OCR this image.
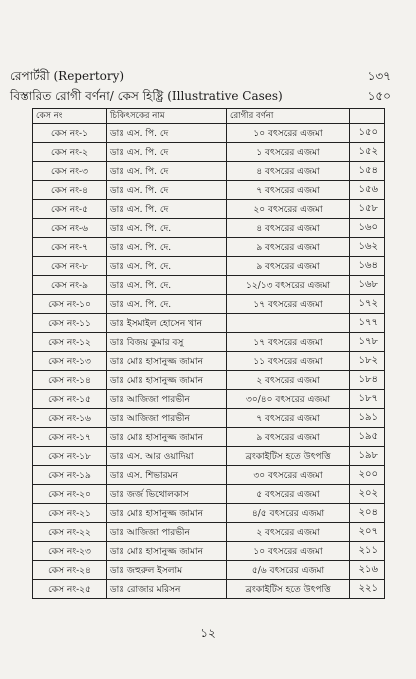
রেপার্টরী (Repertory)	১৩৭
বিস্তারিত রোগী বর্ণনা/ কেস হিষ্ট্রি (Illustrative Cases)	১৫০
কেস নং	চিকিৎসকের নাম	রোগীর বর্ণনা	
কেস নং-১	ডাঃ এস. পি. দে	১০ বৎসরের এজমা	১৫০
কেস নং-২	ডাঃ এস. পি. দে	১ বৎসরের এজমা	১৫২
কেস নং-৩	ডাঃ এস. পি. দে	৪ বৎসরের এজমা	১৫৪
কেস নং-৪	ডাঃ এস. পি. দে	৭ বৎসরের এজমা	১৫৬
কেস নং-৫	ডাঃ এস. পি. দে	২০ বৎসরের এজমা	১৫৮
কেস নং-৬	ডাঃ এস. পি. দে.	৪ বৎসরের এজমা	১৬০
কেস নং-৭	ডাঃ এস. পি. দে.	৯ বৎসরের এজমা	১৬২
কেস নং-৮	ডাঃ এস. পি. দে.	৯ বৎসরের এজমা	১৬৪
কেস নং-৯	ডাঃ এস. পি. দে.	১২/১৩ বৎসরের এজমা	১৬৮
কেস নং-১০	ডাঃ এস. পি. দে.	১৭ বৎসরের এজমা	১৭২
কেস নং-১১	ডাঃ ইসমাইল হোসেন খান		১৭৭
কেস নং-১২	ডাঃ বিজয় কুমার বসু	১৭ বৎসরের এজমা	১৭৮
কেস নং-১৩	ডাঃ মোঃ হাসানুজ্জ জামান	১১ বৎসরের এজমা	১৮২
কেস নং-১৪	ডাঃ মোঃ হাসানুজ্জ জামান	২ বৎসরের এজমা	১৮৪
কেস নং-১৫	ডাঃ আজিজা পারভীন	৩০/৪০ বৎসরের এজমা	১৮৭
কেস নং-১৬	ডাঃ আজিজা পারভীন	৭ বৎসরের এজমা	১৯১
কেস নং-১৭	ডাঃ মোঃ হাসানুজ্জ জামান	৯ বৎসরের এজমা	১৯৫
কেস নং-১৮	ডাঃ এস. আর ওয়াদিয়া	ব্রংকাইটিস হতে উৎপত্তি	১৯৮
কেস নং-১৯	ডাঃ এস. শিভারমন	৩০ বৎসরের এজমা	২০০
কেস নং-২০	ডাঃ জর্জ ভিথোলকাস	৫ বৎসরের এজমা	২০২
কেস নং-২১	ডাঃ মোঃ হাসানুজ্জ জামান	৪/৫ বৎসরের এজমা	২০৪
কেস নং-২২	ডাঃ আজিজা পারভীন	২ বৎসরের এজমা	২০৭
কেস নং-২৩	ডাঃ মোঃ হাসানুজ্জ জামান	১০ বৎসরের এজমা	২১১
কেস নং-২৪	ডাঃ জহুরুল ইসলাম	৫/৬ বৎসরের এজমা	২১৬
কেস নং-২৫	ডাঃ রোজার মরিসন	ব্রংকাইটিস হতে উৎপত্তি	২২১
১২
